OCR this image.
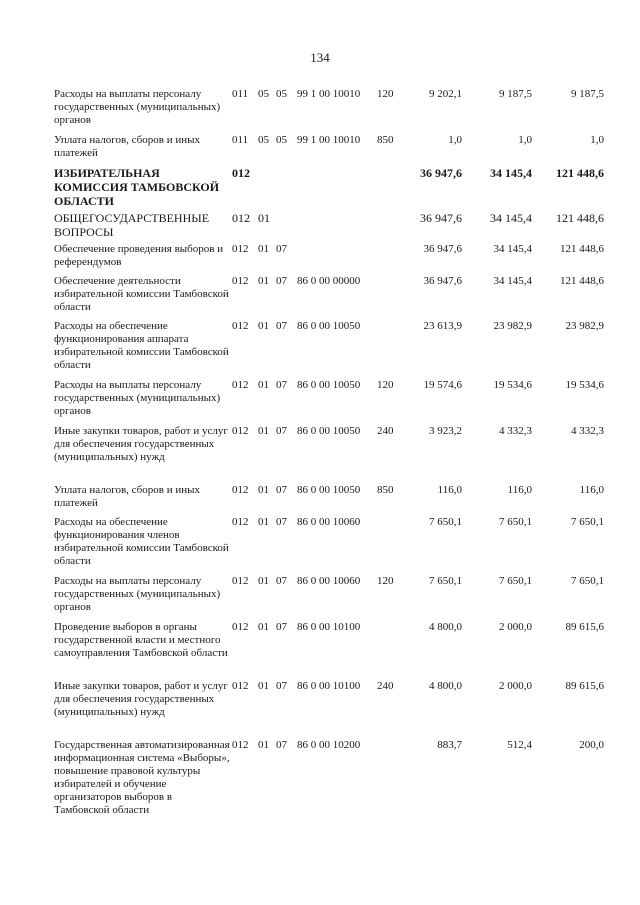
134
Расходы на выплаты персоналу государственных (муниципальных) органов
011 05 05 99 1 00 10010	120	9 202,1	9 187,5	9 187,5
Уплата налогов, сборов и иных платежей
011 05 05 99 1 00 10010	850	1,0	1,0	1,0
ИЗБИРАТЕЛЬНАЯ КОМИССИЯ ТАМБОВСКОЙ ОБЛАСТИ
012	36 947,6	34 145,4	121 448,6
ОБЩЕГОСУДАРСТВЕННЫЕ ВОПРОСЫ
012 01	36 947,6	34 145,4	121 448,6
Обеспечение проведения выборов и референдумов
012 01 07	36 947,6	34 145,4	121 448,6
Обеспечение деятельности избирательной комиссии Тамбовской области
012 01 07 86 0 00 00000	36 947,6	34 145,4	121 448,6
Расходы на обеспечение функционирования аппарата избирательной комиссии Тамбовской области
012 01 07 86 0 00 10050	23 613,9	23 982,9	23 982,9
Расходы на выплаты персоналу государственных (муниципальных) органов
012 01 07 86 0 00 10050	120	19 574,6	19 534,6	19 534,6
Иные закупки товаров, работ и услуг для обеспечения государственных (муниципальных) нужд
012 01 07 86 0 00 10050	240	3 923,2	4 332,3	4 332,3
Уплата налогов, сборов и иных платежей
012 01 07 86 0 00 10050	850	116,0	116,0	116,0
Расходы на обеспечение функционирования членов избирательной комиссии Тамбовской области
012 01 07 86 0 00 10060	7 650,1	7 650,1	7 650,1
Расходы на выплаты персоналу государственных (муниципальных) органов
012 01 07 86 0 00 10060	120	7 650,1	7 650,1	7 650,1
Проведение выборов в органы государственной власти и местного самоуправления Тамбовской области
012 01 07 86 0 00 10100	4 800,0	2 000,0	89 615,6
Иные закупки товаров, работ и услуг для обеспечения государственных (муниципальных) нужд
012 01 07 86 0 00 10100	240	4 800,0	2 000,0	89 615,6
Государственная автоматизированная информационная система «Выборы», повышение правовой культуры избирателей и обучение организаторов выборов в Тамбовской области
012 01 07 86 0 00 10200	883,7	512,4	200,0
